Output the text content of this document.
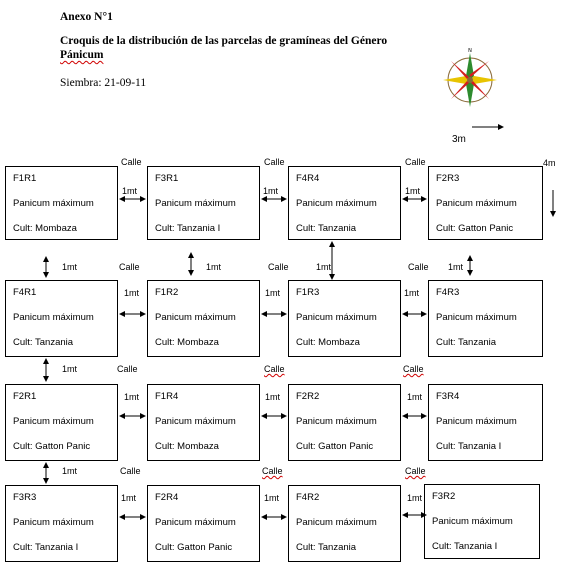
Anexo N°1
Croquis de la distribución de las parcelas de gramíneas del Género Pánicum
Siembra: 21-09-11
N
3m
F1R1
Panicum máximum
Cult: Mombaza
F3R1
Panicum máximum
Cult: Tanzania I
F4R4
Panicum máximum
Cult: Tanzania
F2R3
Panicum máximum
Cult: Gatton Panic
F4R1
Panicum máximum
Cult: Tanzania
F1R2
Panicum máximum
Cult: Mombaza
F1R3
Panicum máximum
Cult: Mombaza
F4R3
Panicum máximum
Cult: Tanzania
F2R1
Panicum máximum
Cult: Gatton Panic
F1R4
Panicum máximum
Cult: Mombaza
F2R2
Panicum máximum
Cult: Gatton Panic
F3R4
Panicum máximum
Cult: Tanzania I
F3R3
Panicum máximum
Cult: Tanzania I
F2R4
Panicum máximum
Cult: Gatton Panic
F4R2
Panicum máximum
Cult: Tanzania
F3R2
Panicum máximum
Cult: Tanzania I
Calle	Calle	Calle
Calle	Calle	Calle
Calle	Calle	Calle
Calle	Calle	Calle
1mt	1mt	1mt
1mt	1mt	1mt
1mt	1mt	1mt
1mt	1mt	1mt
1mt	1mt	1mt	1mt
1mt
1mt
4m
